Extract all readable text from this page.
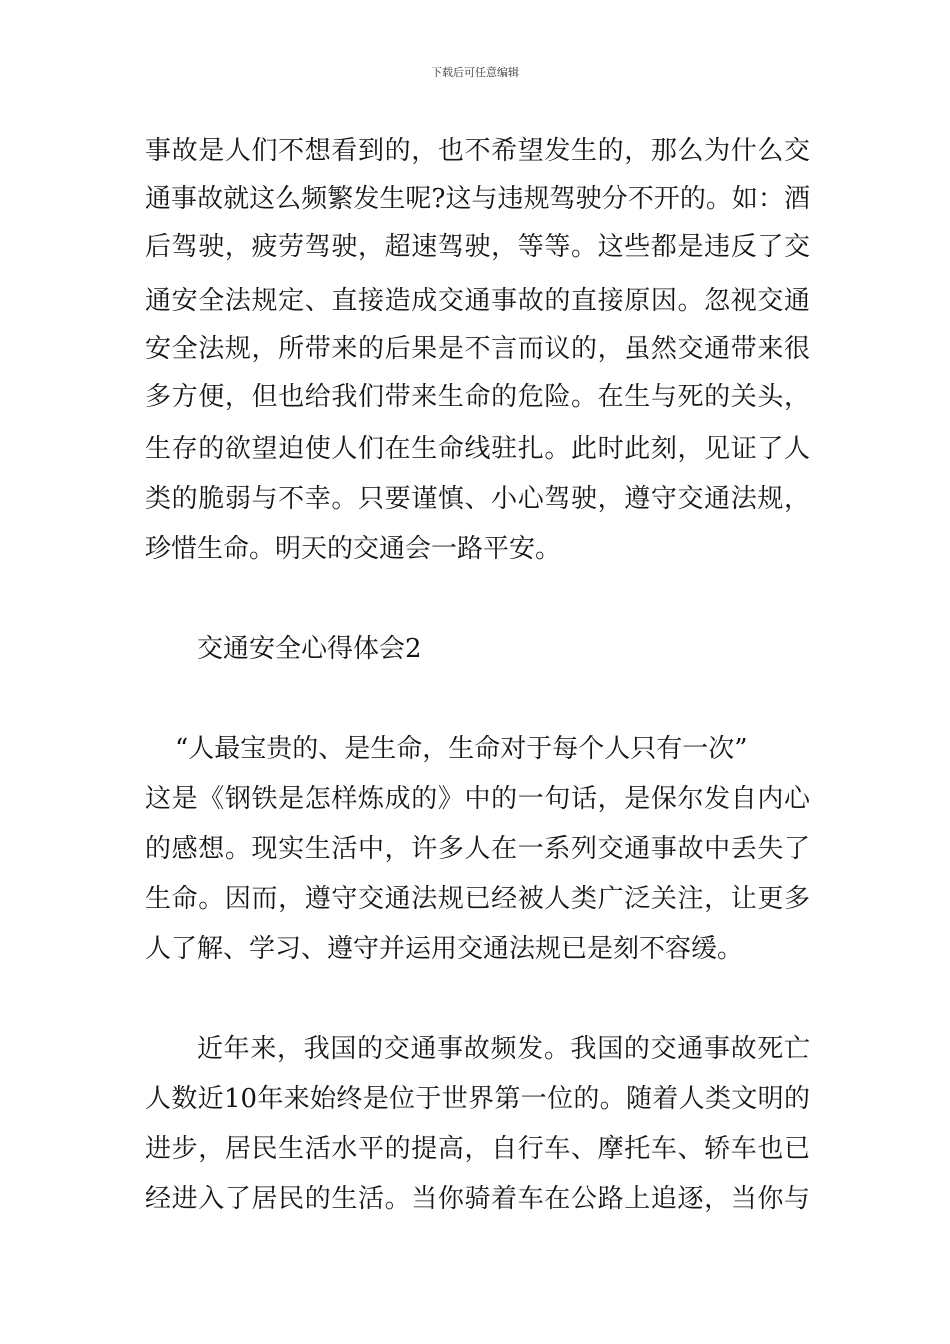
下载后可任意编辑
事故是人们不想看到的，也不希望发生的，那么为什么交
通事故就这么频繁发生呢?这与违规驾驶分不开的。如：酒
后驾驶，疲劳驾驶，超速驾驶，等等。这些都是违反了交
通安全法规定、直接造成交通事故的直接原因。忽视交通
安全法规，所带来的后果是不言而议的，虽然交通带来很
多方便，但也给我们带来生命的危险。在生与死的关头，
生存的欲望迫使人们在生命线驻扎。此时此刻，见证了人
类的脆弱与不幸。只要谨慎、小心驾驶，遵守交通法规，
珍惜生命。明天的交通会一路平安。
交通安全心得体会2
“人最宝贵的、是生命，生命对于每个人只有一次”
这是《钢铁是怎样炼成的》中的一句话，是保尔发自内心
的感想。现实生活中，许多人在一系列交通事故中丢失了
生命。因而，遵守交通法规已经被人类广泛关注，让更多
人了解、学习、遵守并运用交通法规已是刻不容缓。
近年来，我国的交通事故频发。我国的交通事故死亡
人数近10年来始终是位于世界第一位的。随着人类文明的
进步，居民生活水平的提高，自行车、摩托车、轿车也已
经进入了居民的生活。当你骑着车在公路上追逐，当你与
